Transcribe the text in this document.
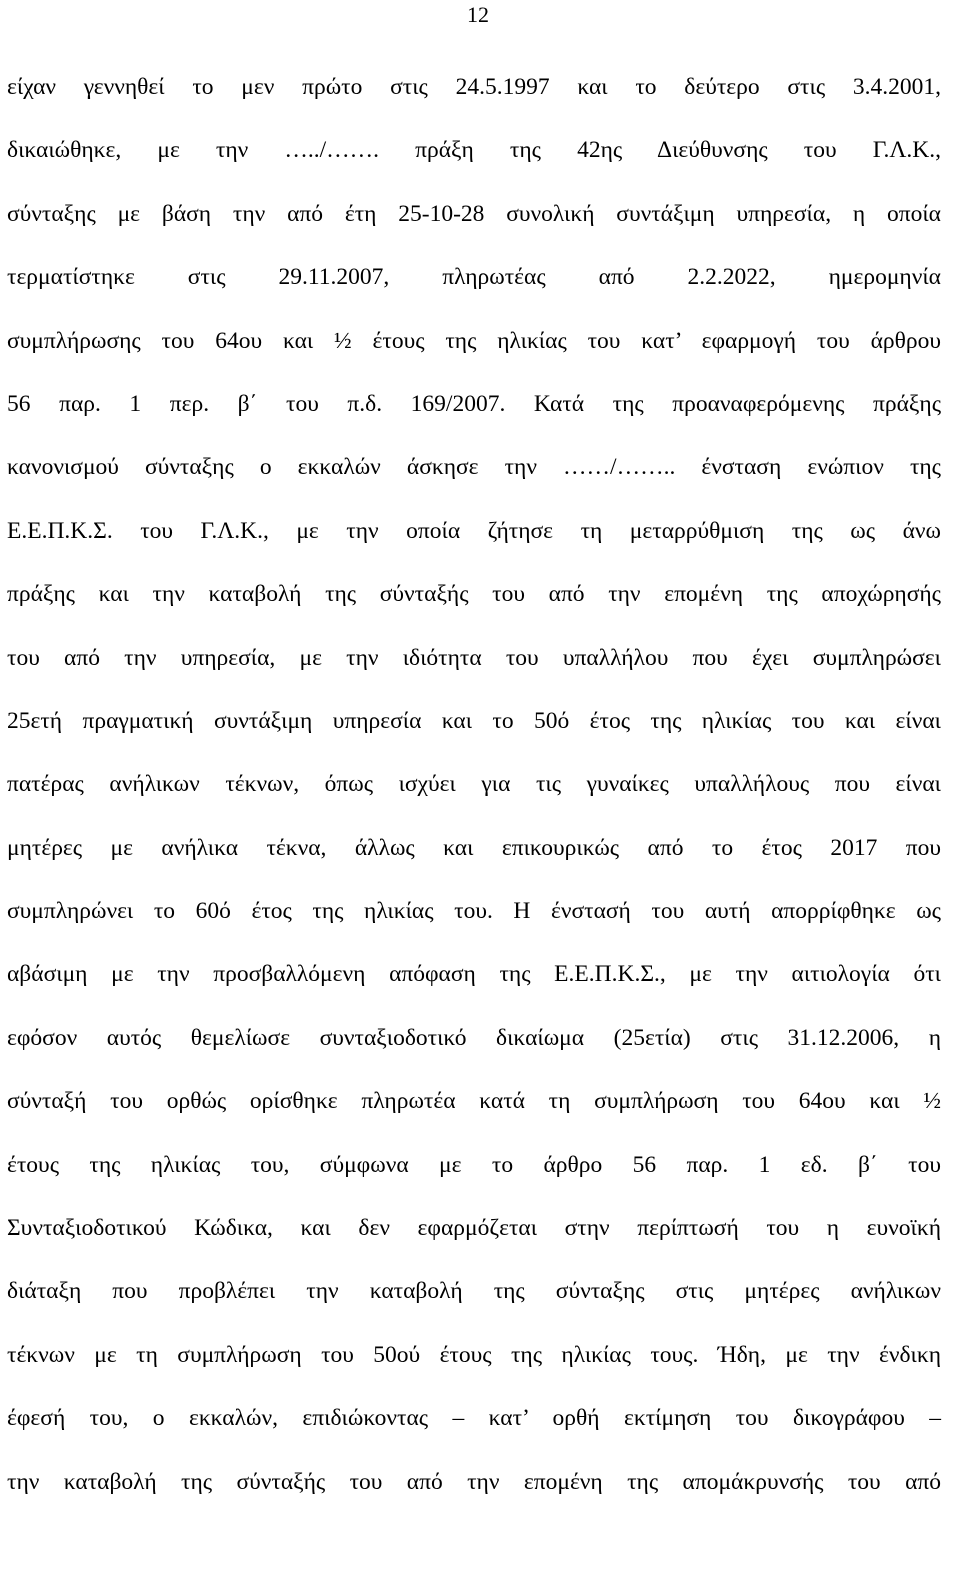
12
είχαν γεννηθεί το μεν πρώτο στις 24.5.1997 και το δεύτερο στις 3.4.2001,
δικαιώθηκε, με την …../……. πράξη της 42ης Διεύθυνσης του Γ.Λ.Κ.,
σύνταξης με βάση την από έτη 25-10-28 συνολική συντάξιμη υπηρεσία, η οποία
τερματίστηκε στις 29.11.2007, πληρωτέας από 2.2.2022, ημερομηνία
συμπλήρωσης του 64ου και ½ έτους της ηλικίας του κατ’ εφαρμογή του άρθρου
56 παρ. 1 περ. β΄ του π.δ. 169/2007. Κατά της προαναφερόμενης πράξης
κανονισμού σύνταξης ο εκκαλών άσκησε την ……/…….. ένσταση ενώπιον της
Ε.Ε.Π.Κ.Σ. του Γ.Λ.Κ., με την οποία ζήτησε τη μεταρρύθμιση της ως άνω
πράξης και την καταβολή της σύνταξής του από την επομένη της αποχώρησής
του από την υπηρεσία, με την ιδιότητα του υπαλλήλου που έχει συμπληρώσει
25ετή πραγματική συντάξιμη υπηρεσία και το 50ό έτος της ηλικίας του και είναι
πατέρας ανήλικων τέκνων, όπως ισχύει για τις γυναίκες υπαλλήλους που είναι
μητέρες με ανήλικα τέκνα, άλλως και επικουρικώς από το έτος 2017 που
συμπληρώνει το 60ό έτος της ηλικίας του. Η ένστασή του αυτή απορρίφθηκε ως
αβάσιμη με την προσβαλλόμενη απόφαση της Ε.Ε.Π.Κ.Σ., με την αιτιολογία ότι
εφόσον αυτός θεμελίωσε συνταξιοδοτικό δικαίωμα (25ετία) στις 31.12.2006, η
σύνταξή του ορθώς ορίσθηκε πληρωτέα κατά τη συμπλήρωση του 64ου και ½
έτους της ηλικίας του, σύμφωνα με το άρθρο 56 παρ. 1 εδ. β΄ του
Συνταξιοδοτικού Κώδικα, και δεν εφαρμόζεται στην περίπτωσή του η ευνοϊκή
διάταξη που προβλέπει την καταβολή της σύνταξης στις μητέρες ανήλικων
τέκνων με τη συμπλήρωση του 50ού έτους της ηλικίας τους. Ήδη, με την ένδικη
έφεσή του, ο εκκαλών, επιδιώκοντας – κατ’ ορθή εκτίμηση του δικογράφου –
την καταβολή της σύνταξής του από την επομένη της απομάκρυνσής του από
